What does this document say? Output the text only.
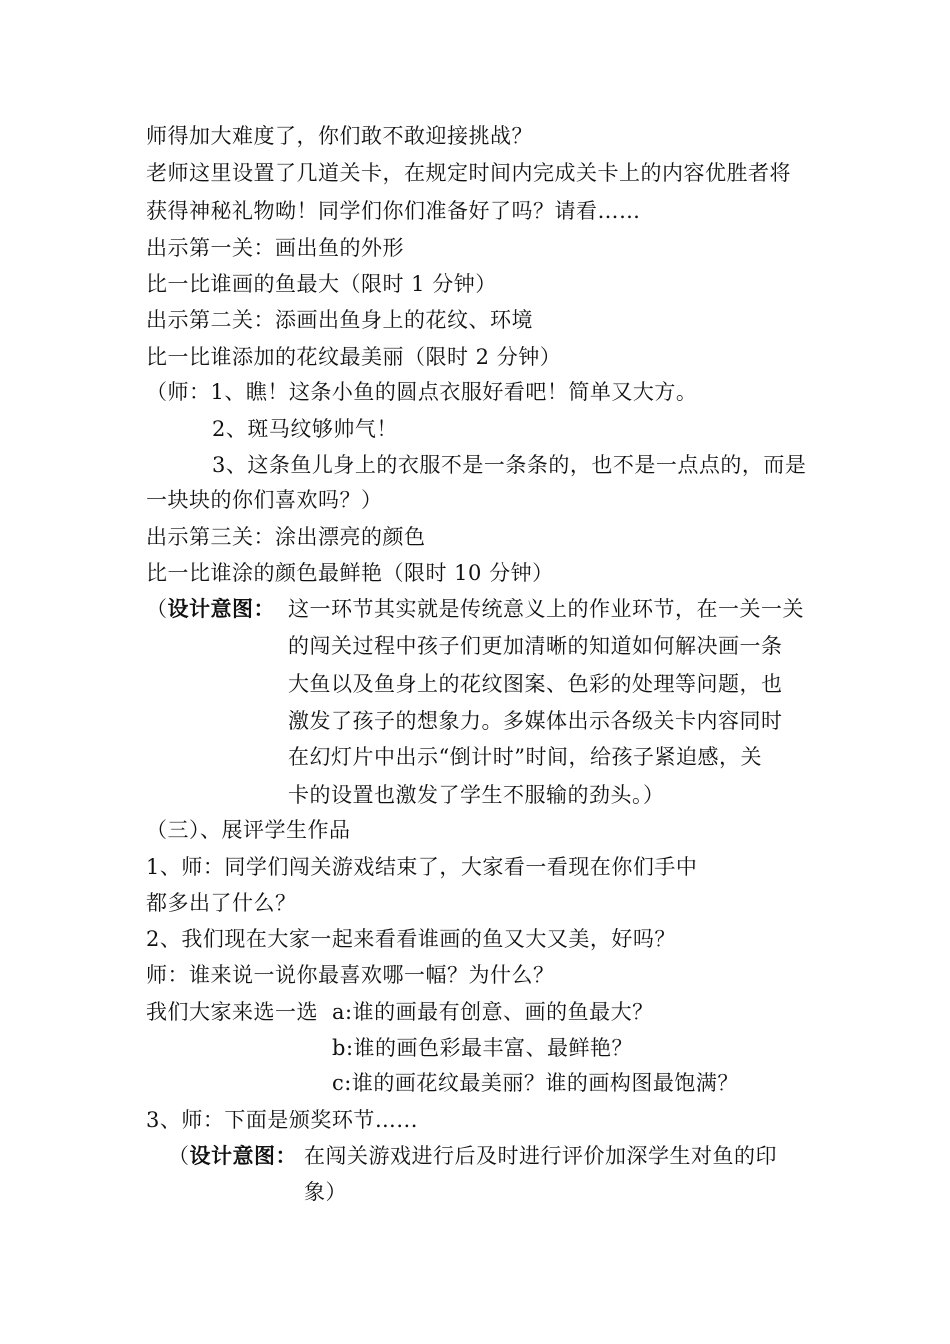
师得加大难度了，你们敢不敢迎接挑战？
老师这里设置了几道关卡，在规定时间内完成关卡上的内容优胜者将
获得神秘礼物呦！同学们你们准备好了吗？请看……
出示第一关：画出鱼的外形
比一比谁画的鱼最大（限时 1 分钟）
出示第二关：添画出鱼身上的花纹、环境
比一比谁添加的花纹最美丽（限时 2 分钟）
（师：1、瞧！这条小鱼的圆点衣服好看吧！简单又大方。
2、斑马纹够帅气！
3、这条鱼儿身上的衣服不是一条条的，也不是一点点的，而是
一块块的你们喜欢吗？）
出示第三关：涂出漂亮的颜色
比一比谁涂的颜色最鲜艳（限时 10 分钟）
（设计意图： 这一环节其实就是传统意义上的作业环节，在一关一关
的闯关过程中孩子们更加清晰的知道如何解决画一条
大鱼以及鱼身上的花纹图案、色彩的处理等问题，也
激发了孩子的想象力。多媒体出示各级关卡内容同时
在幻灯片中出示“倒计时”时间，给孩子紧迫感，关
卡的设置也激发了学生不服输的劲头。）
（三）、展评学生作品
1、师：同学们闯关游戏结束了，大家看一看现在你们手中
都多出了什么？
2、我们现在大家一起来看看谁画的鱼又大又美，好吗？
师：谁来说一说你最喜欢哪一幅？为什么？
我们大家来选一选 a:谁的画最有创意、画的鱼最大？
b:谁的画色彩最丰富、最鲜艳？
c:谁的画花纹最美丽？谁的画构图最饱满？
3、师：下面是颁奖环节…...
（设计意图： 在闯关游戏进行后及时进行评价加深学生对鱼的印
象）
